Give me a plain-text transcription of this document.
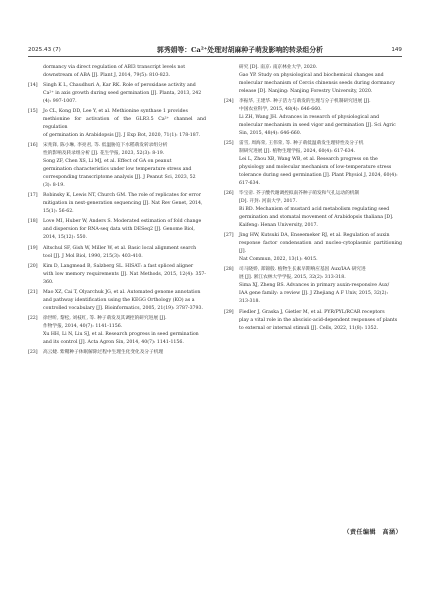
2025.43 (7)	郭秀娟等：Ca²⁺处理对胡麻种子萌发影响的转录组分析	149
dormancy via direct regulation of ABI3 transcript levels not
downstream of ABA [J]. Plant J, 2014, 79(5): 810-823.
[14] Singh K L, Chaudhuri A, Kar RK. Role of peroxidase activity and
Ca²⁺ in axis growth during seed germination [J]. Planta, 2013, 242
(4): 997-1007.
[15] Jo CL, Kong DD, Lee Y, et al. Methionine synthase 1 provides
methionine for activation of the GLR3.5 Ca²⁺ channel and regulation
of germination in Arabidopsis [J]. J Exp Bot, 2020, 71(1): 178-187.
[16] 宋兆锋, 陈小琳, 李亮君, 等. 低温胁迫下水稻萌发转录组分析
性的影响及转录组分析 [J]. 花生学报, 2023, 52(3): 8-19.
Song ZF, Chen XS, Li MJ, et al. Effect of GA on peanut
germination characteristics under low temperature stress and
corresponding transcriptome analysis [J]. J Peanut Sci, 2023, 52
(3): 8-19.
[17] Robinsky K, Lewis NT, Church GM. The role of replicates for error
mitigation in next-generation sequencing [J]. Nat Rev Genet, 2014,
15(1): 56-62.
[18] Love MI, Huber W, Anders S. Moderated estimation of fold change
and dispersion for RNA-seq data with DESeq2 [J]. Genome Biol,
2014, 15(12): 550.
[19] Altschul SF, Gish W, Miller W, et al. Basic local alignment search
tool [J]. J Mol Biol, 1990, 215(3): 403-410.
[20] Kim D, Langmead B, Salzberg SL. HISAT: a fast spliced aligner
with low memory requirements [J]. Nat Methods, 2015, 12(4): 357-360.
[21] Mao XZ, Cai T, Olyarchuk JG, et al. Automated genome annotation
and pathway identification using the KEGG Orthology (KO) as a
controlled vocabulary [J]. Bioinformatics, 2005, 21(19): 3787-3793.
[22] 徐世昕, 黎松, 刘枝红, 等. 种子萌发及其调控的研究进展 [J].
作物学报, 2014, 40(7): 1141-1156.
Xu HH, Li N, Liu SJ, et al. Research progress in seed germination
and its control [J]. Acta Agron Sin, 2014, 40(7): 1141-1156.
[23] 高云婕. 紫鞘种子休眠解除过程中生理生化变化及分子机理
研究 [D]. 南京: 南京林业大学, 2020.
Gao YP. Study on physiological and biochemical changes and
molecular mechanism of Cercis chinensis seeds during dormancy
release [D]. Nanjing: Nanjing Forestry University, 2020.
[24] 李振华, 王建华. 种子活力与萌发的生理与分子机制研究进展 [J].
中国农业科学, 2015, 48(4): 646-660.
Li ZH, Wang JH. Advances in research of physiological and
molecular mechanism in seed vigor and germination [J]. Sci Agric
Sin, 2015, 48(4): 646-660.
[25] 雷雪, 周海荣, 王伟荣, 等. 种子萌低温萌发生理特性及分子机
制研究进展 [J]. 植物生理学报, 2024, 60(4): 617-634.
Lei L, Zhou XB, Wang WB, et al. Research progress on the
physiology and molecular mechanism of low-temperature stress
tolerance during seed germination [J]. Plant Physiol J, 2024, 60(4):
617-634.
[26] 毕宝帝. 芥子酸代谢调控拟南芥种子萌发和气孔运动的机制
[D]. 开封: 河南大学, 2017.
Bi BD. Mechanism of mustard acid metabolism regulating seed
germination and stomatal movement of Arabidopsis thaliana [D].
Kaifeng: Henan University, 2017.
[27] Jing HW, Kutsuki DA, Enseemeker RJ, et al. Regulation of auxin
response factor condensation and nucleo-cytoplasmic partitioning [J].
Nat Commun, 2022, 13(1): 4015.
[28] 司马晓娇, 郑锦般. 植物生长素早期响应基因 Aux/IAA 研究进
展 [J]. 浙江农林大学学报, 2015, 32(2): 313-318.
Sima XJ, Zheng BS. Advances in primary auxin-responsive Aux/
IAA gene family: a review [J]. J Zhejiang A F Univ, 2015, 32(2):
313-318.
[29] Fiedler J, Graska J, Gietler M, et al. PYR/PYL/RCAR receptors
play a vital role in the abscisic-acid-dependent responses of plants
to external or internal stimuli [J]. Cells, 2022, 11(8): 1352.
（责任编辑　高涵）
